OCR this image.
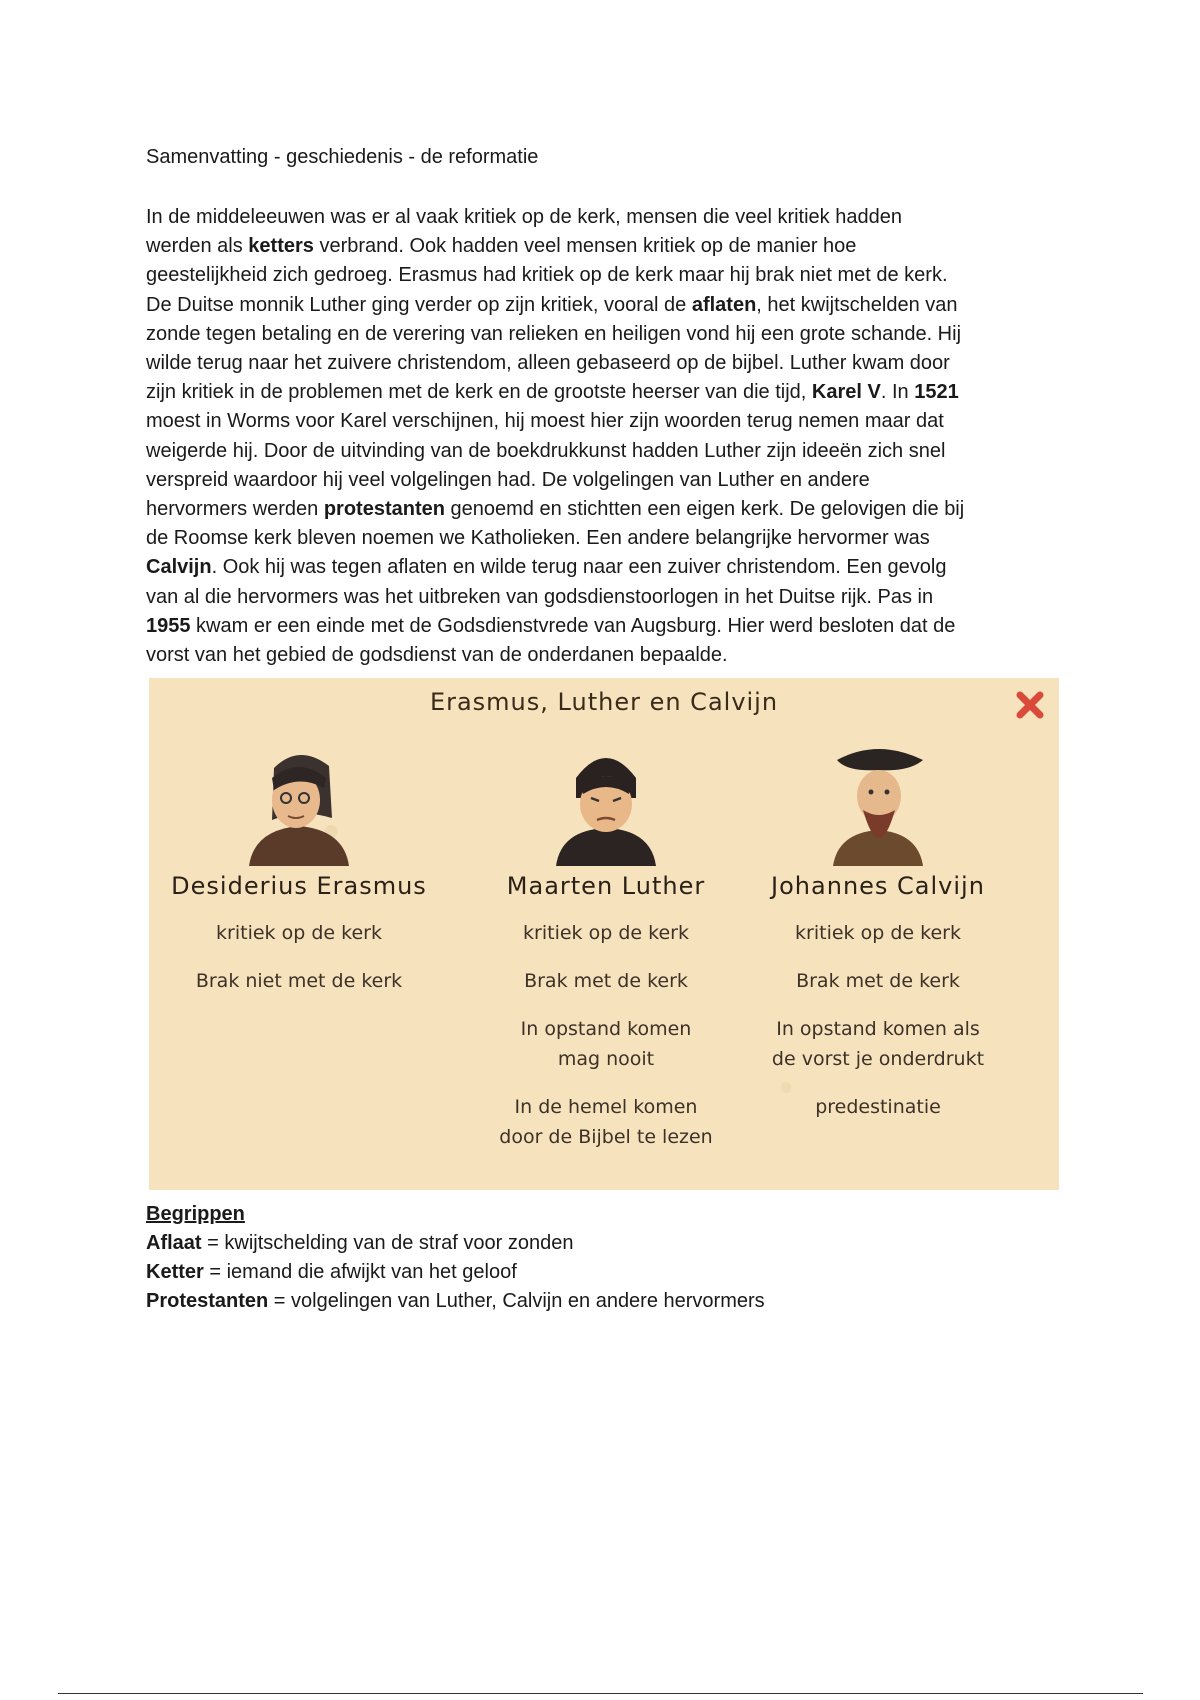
Samenvatting - geschiedenis - de reformatie
In de middeleeuwen was er al vaak kritiek op de kerk, mensen die veel kritiek hadden
werden als ketters verbrand. Ook hadden veel mensen kritiek op de manier hoe
geestelijkheid zich gedroeg. Erasmus had kritiek op de kerk maar hij brak niet met de kerk.
De Duitse monnik Luther ging verder op zijn kritiek, vooral de aflaten, het kwijtschelden van
zonde tegen betaling en de verering van relieken en heiligen vond hij een grote schande. Hij
wilde terug naar het zuivere christendom, alleen gebaseerd op de bijbel. Luther kwam door
zijn kritiek in de problemen met de kerk en de grootste heerser van die tijd, Karel V. In 1521
moest in Worms voor Karel verschijnen, hij moest hier zijn woorden terug nemen maar dat
weigerde hij. Door de uitvinding van de boekdrukkunst hadden Luther zijn ideeën zich snel
verspreid waardoor hij veel volgelingen had. De volgelingen van Luther en andere
hervormers werden protestanten genoemd en stichtten een eigen kerk. De gelovigen die bij
de Roomse kerk bleven noemen we Katholieken. Een andere belangrijke hervormer was
Calvijn. Ook hij was tegen aflaten en wilde terug naar een zuiver christendom. Een gevolg
van al die hervormers was het uitbreken van godsdienstoorlogen in het Duitse rijk. Pas in
1955 kwam er een einde met de Godsdienstvrede van Augsburg. Hier werd besloten dat de
vorst van het gebied de godsdienst van de onderdanen bepaalde.
Erasmus, Luther en Calvijn
Desiderius Erasmus
kritiek op de kerk
Brak niet met de kerk
Maarten Luther
kritiek op de kerk
Brak met de kerk
In opstand komen
mag nooit
In de hemel komen
door de Bijbel te lezen
Johannes Calvijn
kritiek op de kerk
Brak met de kerk
In opstand komen als
de vorst je onderdrukt
predestinatie
Begrippen
Aflaat = kwijtschelding van de straf voor zonden
Ketter = iemand die afwijkt van het geloof
Protestanten = volgelingen van Luther, Calvijn en andere hervormers
